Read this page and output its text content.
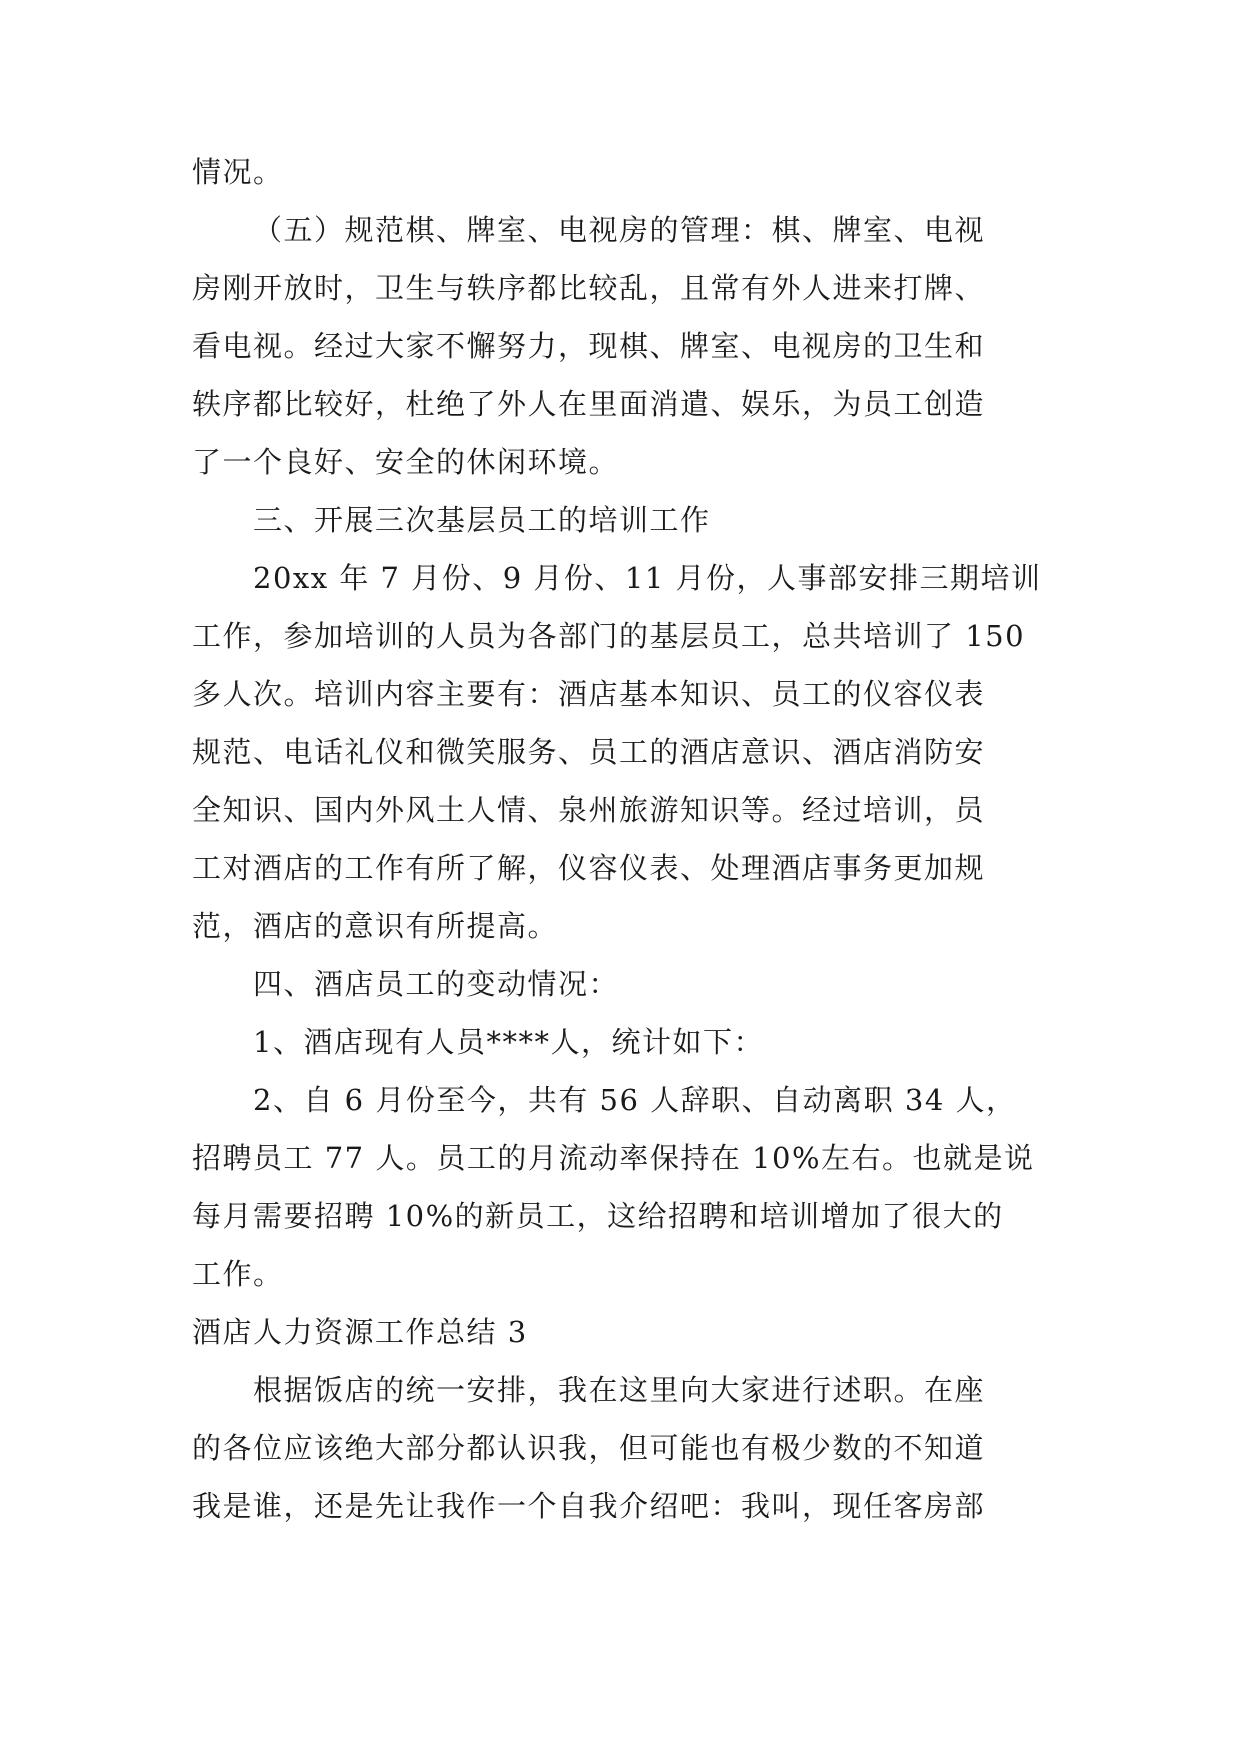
情况。

（五）规范棋、牌室、电视房的管理：棋、牌室、电视

房刚开放时，卫生与轶序都比较乱，且常有外人进来打牌、

看电视。经过大家不懈努力，现棋、牌室、电视房的卫生和

轶序都比较好，杜绝了外人在里面消遣、娱乐，为员工创造

了一个良好、安全的休闲环境。

三、开展三次基层员工的培训工作

20xx 年 7 月份、9 月份、11 月份，人事部安排三期培训

工作，参加培训的人员为各部门的基层员工，总共培训了 150

多人次。培训内容主要有：酒店基本知识、员工的仪容仪表

规范、电话礼仪和微笑服务、员工的酒店意识、酒店消防安

全知识、国内外风土人情、泉州旅游知识等。经过培训，员

工对酒店的工作有所了解，仪容仪表、处理酒店事务更加规

范，酒店的意识有所提高。

四、酒店员工的变动情况：

1、酒店现有人员****人，统计如下：

2、自 6 月份至今，共有 56 人辞职、自动离职 34 人，

招聘员工 77 人。员工的月流动率保持在 10%左右。也就是说

每月需要招聘 10%的新员工，这给招聘和培训增加了很大的

工作。

酒店人力资源工作总结 3

根据饭店的统一安排，我在这里向大家进行述职。在座

的各位应该绝大部分都认识我，但可能也有极少数的不知道

我是谁，还是先让我作一个自我介绍吧：我叫，现任客房部
